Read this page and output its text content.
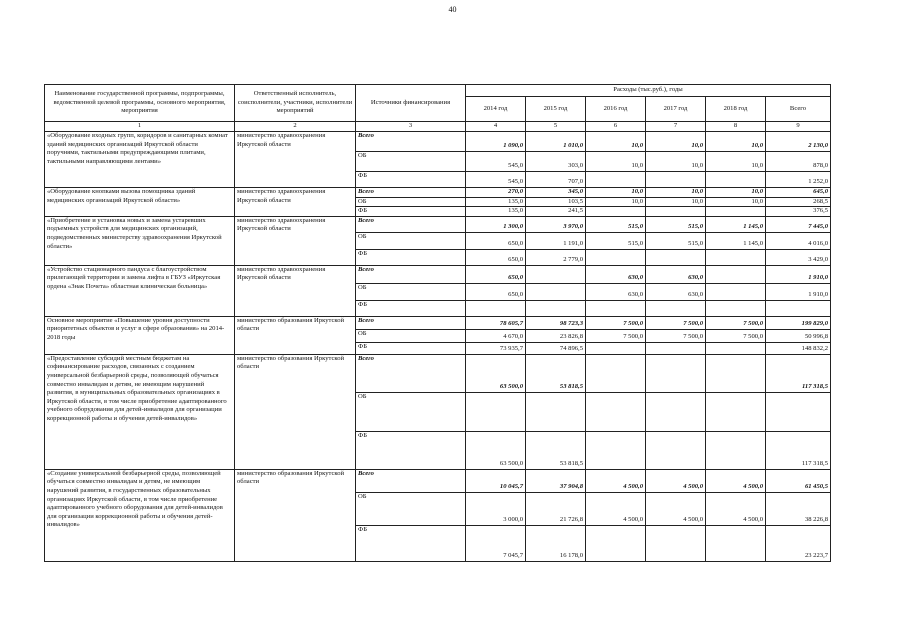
40
Наименование государственной программы, подпрограммы, ведомственной целевой программы, основного мероприятия, мероприятия	Ответственный исполнитель, соисполнители, участники, исполнители мероприятий	Источники финансирования	Расходы (тыс.руб.), годы					
			2014 год	2015 год	2016 год	2017 год	2018 год	Всего
1	2	3	4	5	6	7	8	9
«Оборудование входных групп, коридоров и санитарных комнат зданий медицинских организаций Иркутской области поручнями, тактильными предупреждающими плитами, тактильными направляющими лентами»	министерство здравоохранения Иркутской области	Всего	1 090,0	1 010,0	10,0	10,0	10,0	2 130,0
		ОБ	545,0	303,0	10,0	10,0	10,0	878,0
		ФБ	545,0	707,0				1 252,0
«Оборудование кнопками вызова помощника зданий медицинских организаций Иркутской области»	министерство здравоохранения Иркутской области	Всего	270,0	345,0	10,0	10,0	10,0	645,0
		ОБ	135,0	103,5	10,0	10,0	10,0	268,5
		ФБ	135,0	241,5				376,5
«Приобретение и установка новых и замена устаревших подъемных устройств для медицинских организаций, подведомственных министерству здравоохранения Иркутской области»	министерство здравоохранения Иркутской области	Всего	1 300,0	3 970,0	515,0	515,0	1 145,0	7 445,0
		ОБ	650,0	1 191,0	515,0	515,0	1 145,0	4 016,0
		ФБ	650,0	2 779,0				3 429,0
«Устройство стационарного пандуса с благоустройством прилегающей территории и замена лифта в ГБУЗ «Иркутская ордена «Знак Почета» областная клиническая больница»	министерство здравоохранения Иркутской области	Всего	650,0		630,0	630,0		1 910,0
		ОБ	650,0		630,0	630,0		1 910,0
		ФБ						
Основное мероприятие «Повышение уровня доступности приоритетных объектов и услуг в сфере образования» на 2014-2018 годы	министерство образования Иркутской области	Всего	78 605,7	98 723,3	7 500,0	7 500,0	7 500,0	199 829,0
		ОБ	4 670,0	23 826,8	7 500,0	7 500,0	7 500,0	50 996,8
		ФБ	73 935,7	74 896,5				148 832,2
«Предоставление субсидий местным бюджетам на софинансирование расходов, связанных с созданием универсальной безбарьерной среды, позволяющей обучаться совместно инвалидам и детям, не имеющим нарушений развития, в муниципальных образовательных организациях в Иркутской области, в том числе приобретение адаптированного учебного оборудования для детей-инвалидов для организации коррекционной работы и обучения детей-инвалидов»	министерство образования Иркутской области	Всего	63 500,0	53 818,5				117 318,5
		ОБ						
		ФБ	63 500,0	53 818,5				117 318,5
«Создание универсальной безбарьерной среды, позволяющей обучаться совместно инвалидам и детям, не имеющим нарушений развития, в государственных образовательных организациях Иркутской области, в том числе приобретение адаптированного учебного оборудования для детей-инвалидов для организации коррекционной работы и обучения детей-инвалидов»	министерство образования Иркутской области	Всего	10 045,7	37 904,8	4 500,0	4 500,0	4 500,0	61 450,5
		ОБ	3 000,0	21 726,8	4 500,0	4 500,0	4 500,0	38 226,8
		ФБ	7 045,7	16 178,0				23 223,7
